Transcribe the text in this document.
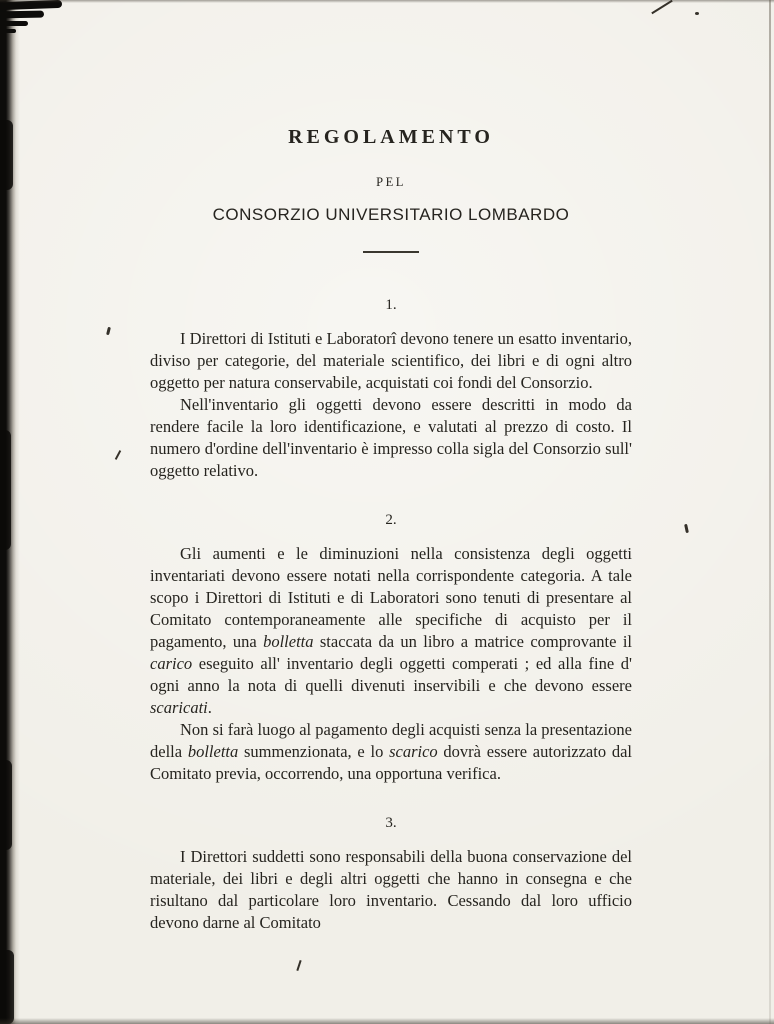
REGOLAMENTO
PEL
CONSORZIO UNIVERSITARIO LOMBARDO
1.

I Direttori di Istituti e Laboratorî devono tenere un esatto inventario, diviso per categorie, del materiale scientifico, dei libri e di ogni altro oggetto per natura conservabile, acquistati coi fondi del Consorzio.

Nell'inventario gli oggetti devono essere descritti in modo da rendere facile la loro identificazione, e valutati al prezzo di costo. Il numero d'ordine dell'inventario è impresso colla sigla del Consorzio sull' oggetto relativo.

2.

Gli aumenti e le diminuzioni nella consistenza degli oggetti inventariati devono essere notati nella corrispondente categoria. A tale scopo i Direttori di Istituti e di Laboratori sono tenuti di presentare al Comitato contemporaneamente alle specifiche di acquisto per il pagamento, una bolletta staccata da un libro a matrice comprovante il carico eseguito all' inventario degli oggetti comperati ; ed alla fine d' ogni anno la nota di quelli divenuti inservibili e che devono essere scaricati.

Non si farà luogo al pagamento degli acquisti senza la presentazione della bolletta summenzionata, e lo scarico dovrà essere autorizzato dal Comitato previa, occorrendo, una opportuna verifica.

3.

I Direttori suddetti sono responsabili della buona conservazione del materiale, dei libri e degli altri oggetti che hanno in consegna e che risultano dal particolare loro inventario. Cessando dal loro ufficio devono darne al Comitato
